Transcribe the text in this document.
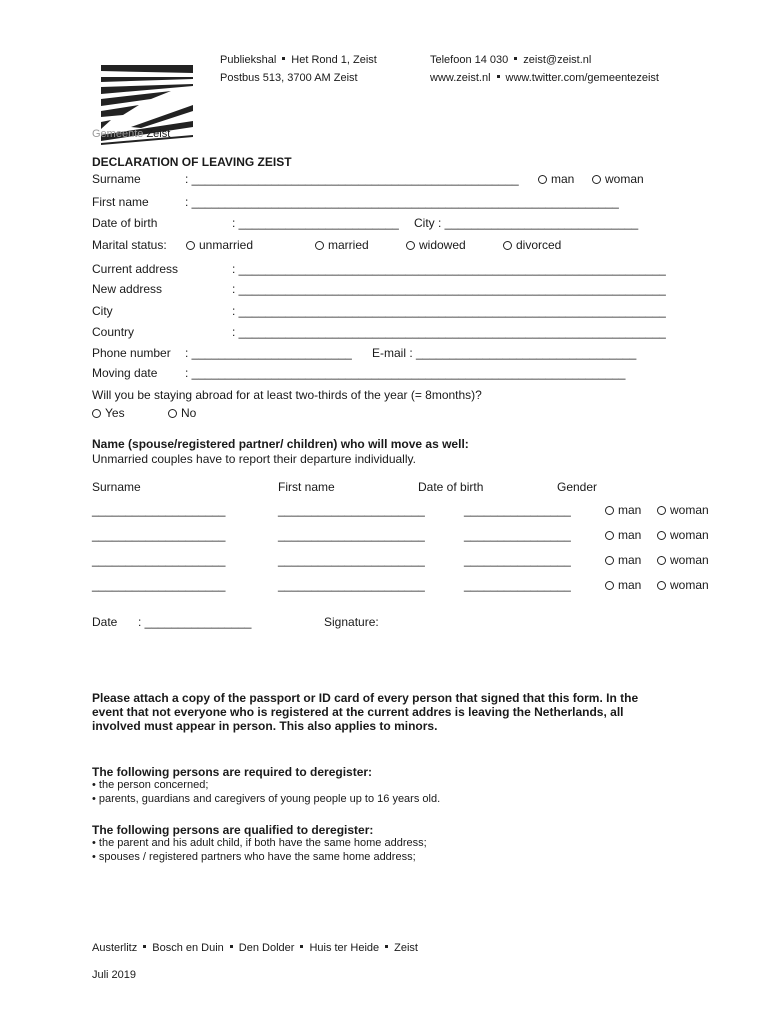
Gemeente Zeist
Publiekshal Het Rond 1, Zeist
Postbus 513, 3700 AM Zeist
Telefoon 14 030 zeist@zeist.nl
www.zeist.nl www.twitter.com/gemeentezeist
DECLARATION OF LEAVING ZEIST
Surname	: _________________________________________________	man	woman
First name	: ________________________________________________________________
Date of birth	: ________________________ City : _____________________________
Marital status:	unmarried	married	widowed	divorced
Current address	: ________________________________________________________________
New address	: ________________________________________________________________
City	: ________________________________________________________________
Country	: ________________________________________________________________
Phone number : ________________________ E-mail : _________________________________
Moving date : _________________________________________________________________
Will you be staying abroad for at least two-thirds of the year (= 8months)?
Yes	No
Name (spouse/registered partner/ children) who will move as well:
Unmarried couples have to report their departure individually.
Surname	First name	Date of birth	Gender
____________________	______________________	________________	man	woman
____________________	______________________	________________	man	woman
____________________	______________________	________________	man	woman
____________________	______________________	________________	man	woman
Date : ________________	Signature:
Please attach a copy of the passport or ID card of every person that signed that this form. In the
event that not everyone who is registered at the current addres is leaving the Netherlands, all
involved must appear in person. This also applies to minors.
The following persons are required to deregister:
• the person concerned;
• parents, guardians and caregivers of young people up to 16 years old.
The following persons are qualified to deregister:
• the parent and his adult child, if both have the same home address;
• spouses / registered partners who have the same home address;
Austerlitz Bosch en Duin Den Dolder Huis ter Heide Zeist
Juli 2019
